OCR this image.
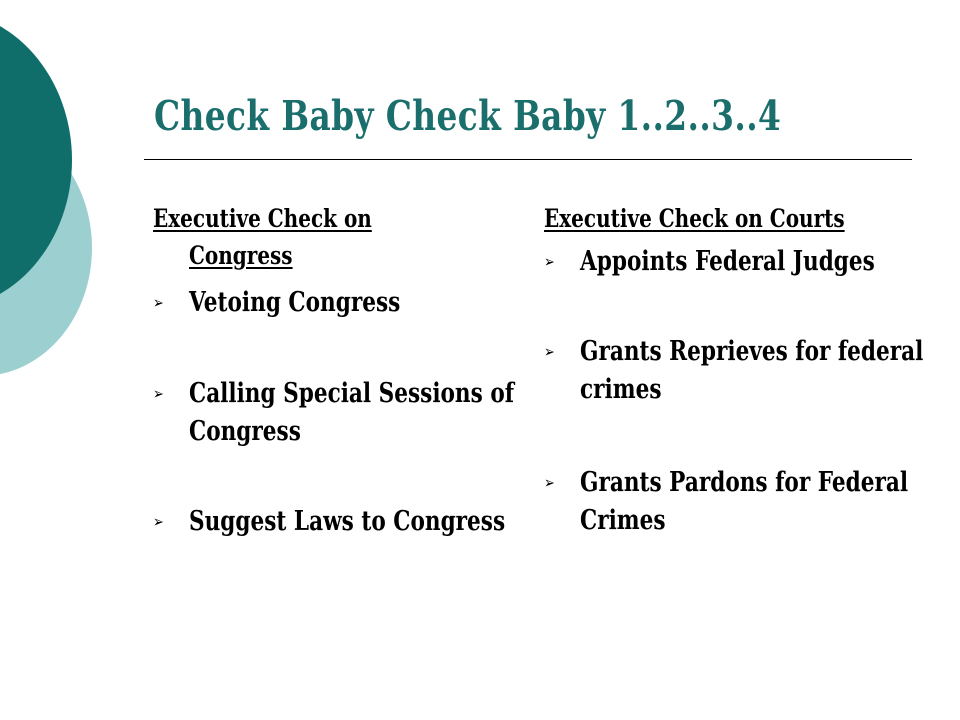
Check Baby Check Baby 1..2..3..4
Executive Check on
Congress
➢ Vetoing Congress
➢ Calling Special Sessions of Congress
➢ Suggest Laws to Congress
Executive Check on Courts
➢ Appoints Federal Judges
➢ Grants Reprieves for federal crimes
➢ Grants Pardons for Federal Crimes
